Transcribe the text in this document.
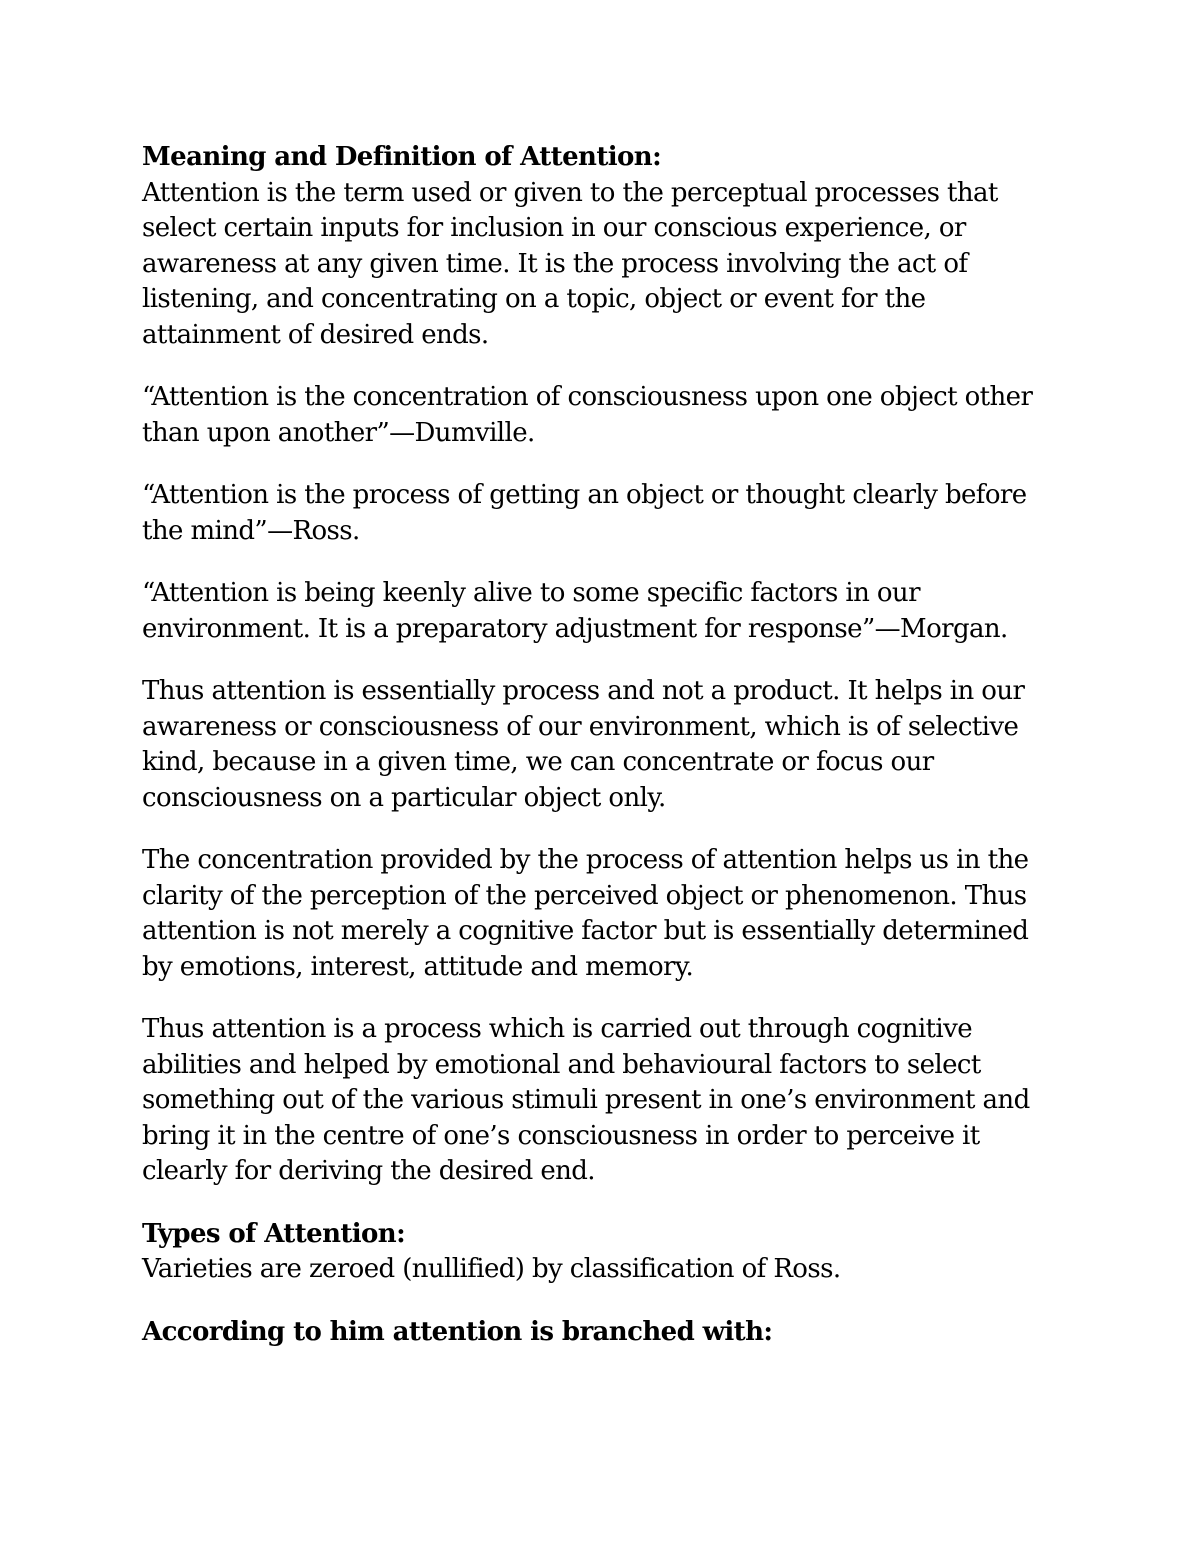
Meaning and Definition of Attention:
Attention is the term used or given to the perceptual processes that
select certain inputs for inclusion in our conscious experience, or
awareness at any given time. It is the process involving the act of
listening, and concentrating on a topic, object or event for the
attainment of desired ends.
“Attention is the concentration of consciousness upon one object other
than upon another”—Dumville.
“Attention is the process of getting an object or thought clearly before
the mind”—Ross.
“Attention is being keenly alive to some specific factors in our
environment. It is a preparatory adjustment for response”—Morgan.
Thus attention is essentially process and not a product. It helps in our
awareness or consciousness of our environment, which is of selective
kind, because in a given time, we can concentrate or focus our
consciousness on a particular object only.
The concentration provided by the process of attention helps us in the
clarity of the perception of the perceived object or phenomenon. Thus
attention is not merely a cognitive factor but is essentially determined
by emotions, interest, attitude and memory.
Thus attention is a process which is carried out through cognitive
abilities and helped by emotional and behavioural factors to select
something out of the various stimuli present in one’s environment and
bring it in the centre of one’s consciousness in order to perceive it
clearly for deriving the desired end.
Types of Attention:
Varieties are zeroed (nullified) by classification of Ross.
According to him attention is branched with:
